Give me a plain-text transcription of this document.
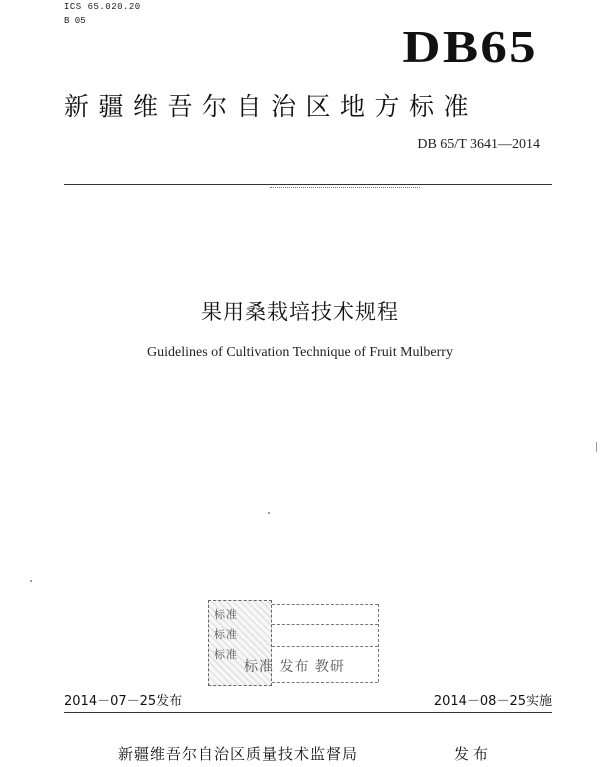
ICS 65.020.20
B 05	DB65
新疆维吾尔自治区地方标准
DB 65/T 3641—2014
果用桑栽培技术规程
Guidelines of Cultivation Technique of Fruit Mulberry
标准
标准
标准
标准 发布 教研
2014－07－25发布	2014－08－25实施
新疆维吾尔自治区质量技术监督局	发布
